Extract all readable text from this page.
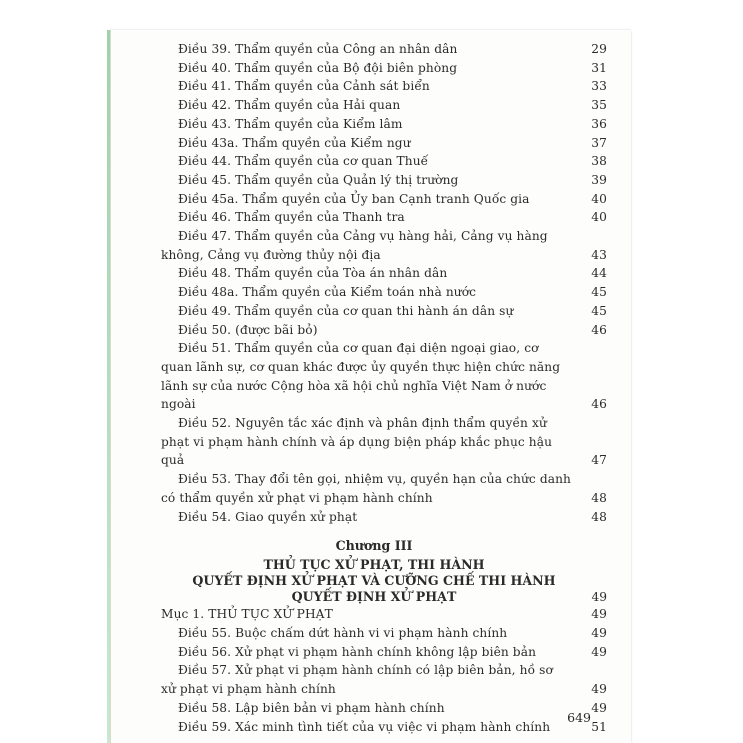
Điều 39. Thẩm quyền của Công an nhân dân	29
Điều 40. Thẩm quyền của Bộ đội biên phòng	31
Điều 41. Thẩm quyền của Cảnh sát biển	33
Điều 42. Thẩm quyền của Hải quan	35
Điều 43. Thẩm quyền của Kiểm lâm	36
Điều 43a. Thẩm quyền của Kiểm ngư	37
Điều 44. Thẩm quyền của cơ quan Thuế	38
Điều 45. Thẩm quyền của Quản lý thị trường	39
Điều 45a. Thẩm quyền của Ủy ban Cạnh tranh Quốc gia	40
Điều 46. Thẩm quyền của Thanh tra	40
Điều 47. Thẩm quyền của Cảng vụ hàng hải, Cảng vụ hàng không, Cảng vụ đường thủy nội địa	43
Điều 48. Thẩm quyền của Tòa án nhân dân	44
Điều 48a. Thẩm quyền của Kiểm toán nhà nước	45
Điều 49. Thẩm quyền của cơ quan thi hành án dân sự	45
Điều 50. (được bãi bỏ)	46
Điều 51. Thẩm quyền của cơ quan đại diện ngoại giao, cơ quan lãnh sự, cơ quan khác được ủy quyền thực hiện chức năng lãnh sự của nước Cộng hòa xã hội chủ nghĩa Việt Nam ở nước ngoài	46
Điều 52. Nguyên tắc xác định và phân định thẩm quyền xử phạt vi phạm hành chính và áp dụng biện pháp khắc phục hậu quả	47
Điều 53. Thay đổi tên gọi, nhiệm vụ, quyền hạn của chức danh có thẩm quyền xử phạt vi phạm hành chính	48
Điều 54. Giao quyền xử phạt	48
Chương III
THỦ TỤC XỬ PHẠT, THI HÀNH
QUYẾT ĐỊNH XỬ PHẠT VÀ CƯỠNG CHẾ THI HÀNH
QUYẾT ĐỊNH XỬ PHẠT	49
Mục 1. THỦ TỤC XỬ PHẠT	49
Điều 55. Buộc chấm dứt hành vi vi phạm hành chính	49
Điều 56. Xử phạt vi phạm hành chính không lập biên bản	49
Điều 57. Xử phạt vi phạm hành chính có lập biên bản, hồ sơ xử phạt vi phạm hành chính	49
Điều 58. Lập biên bản vi phạm hành chính	49
Điều 59. Xác minh tình tiết của vụ việc vi phạm hành chính	51
649
